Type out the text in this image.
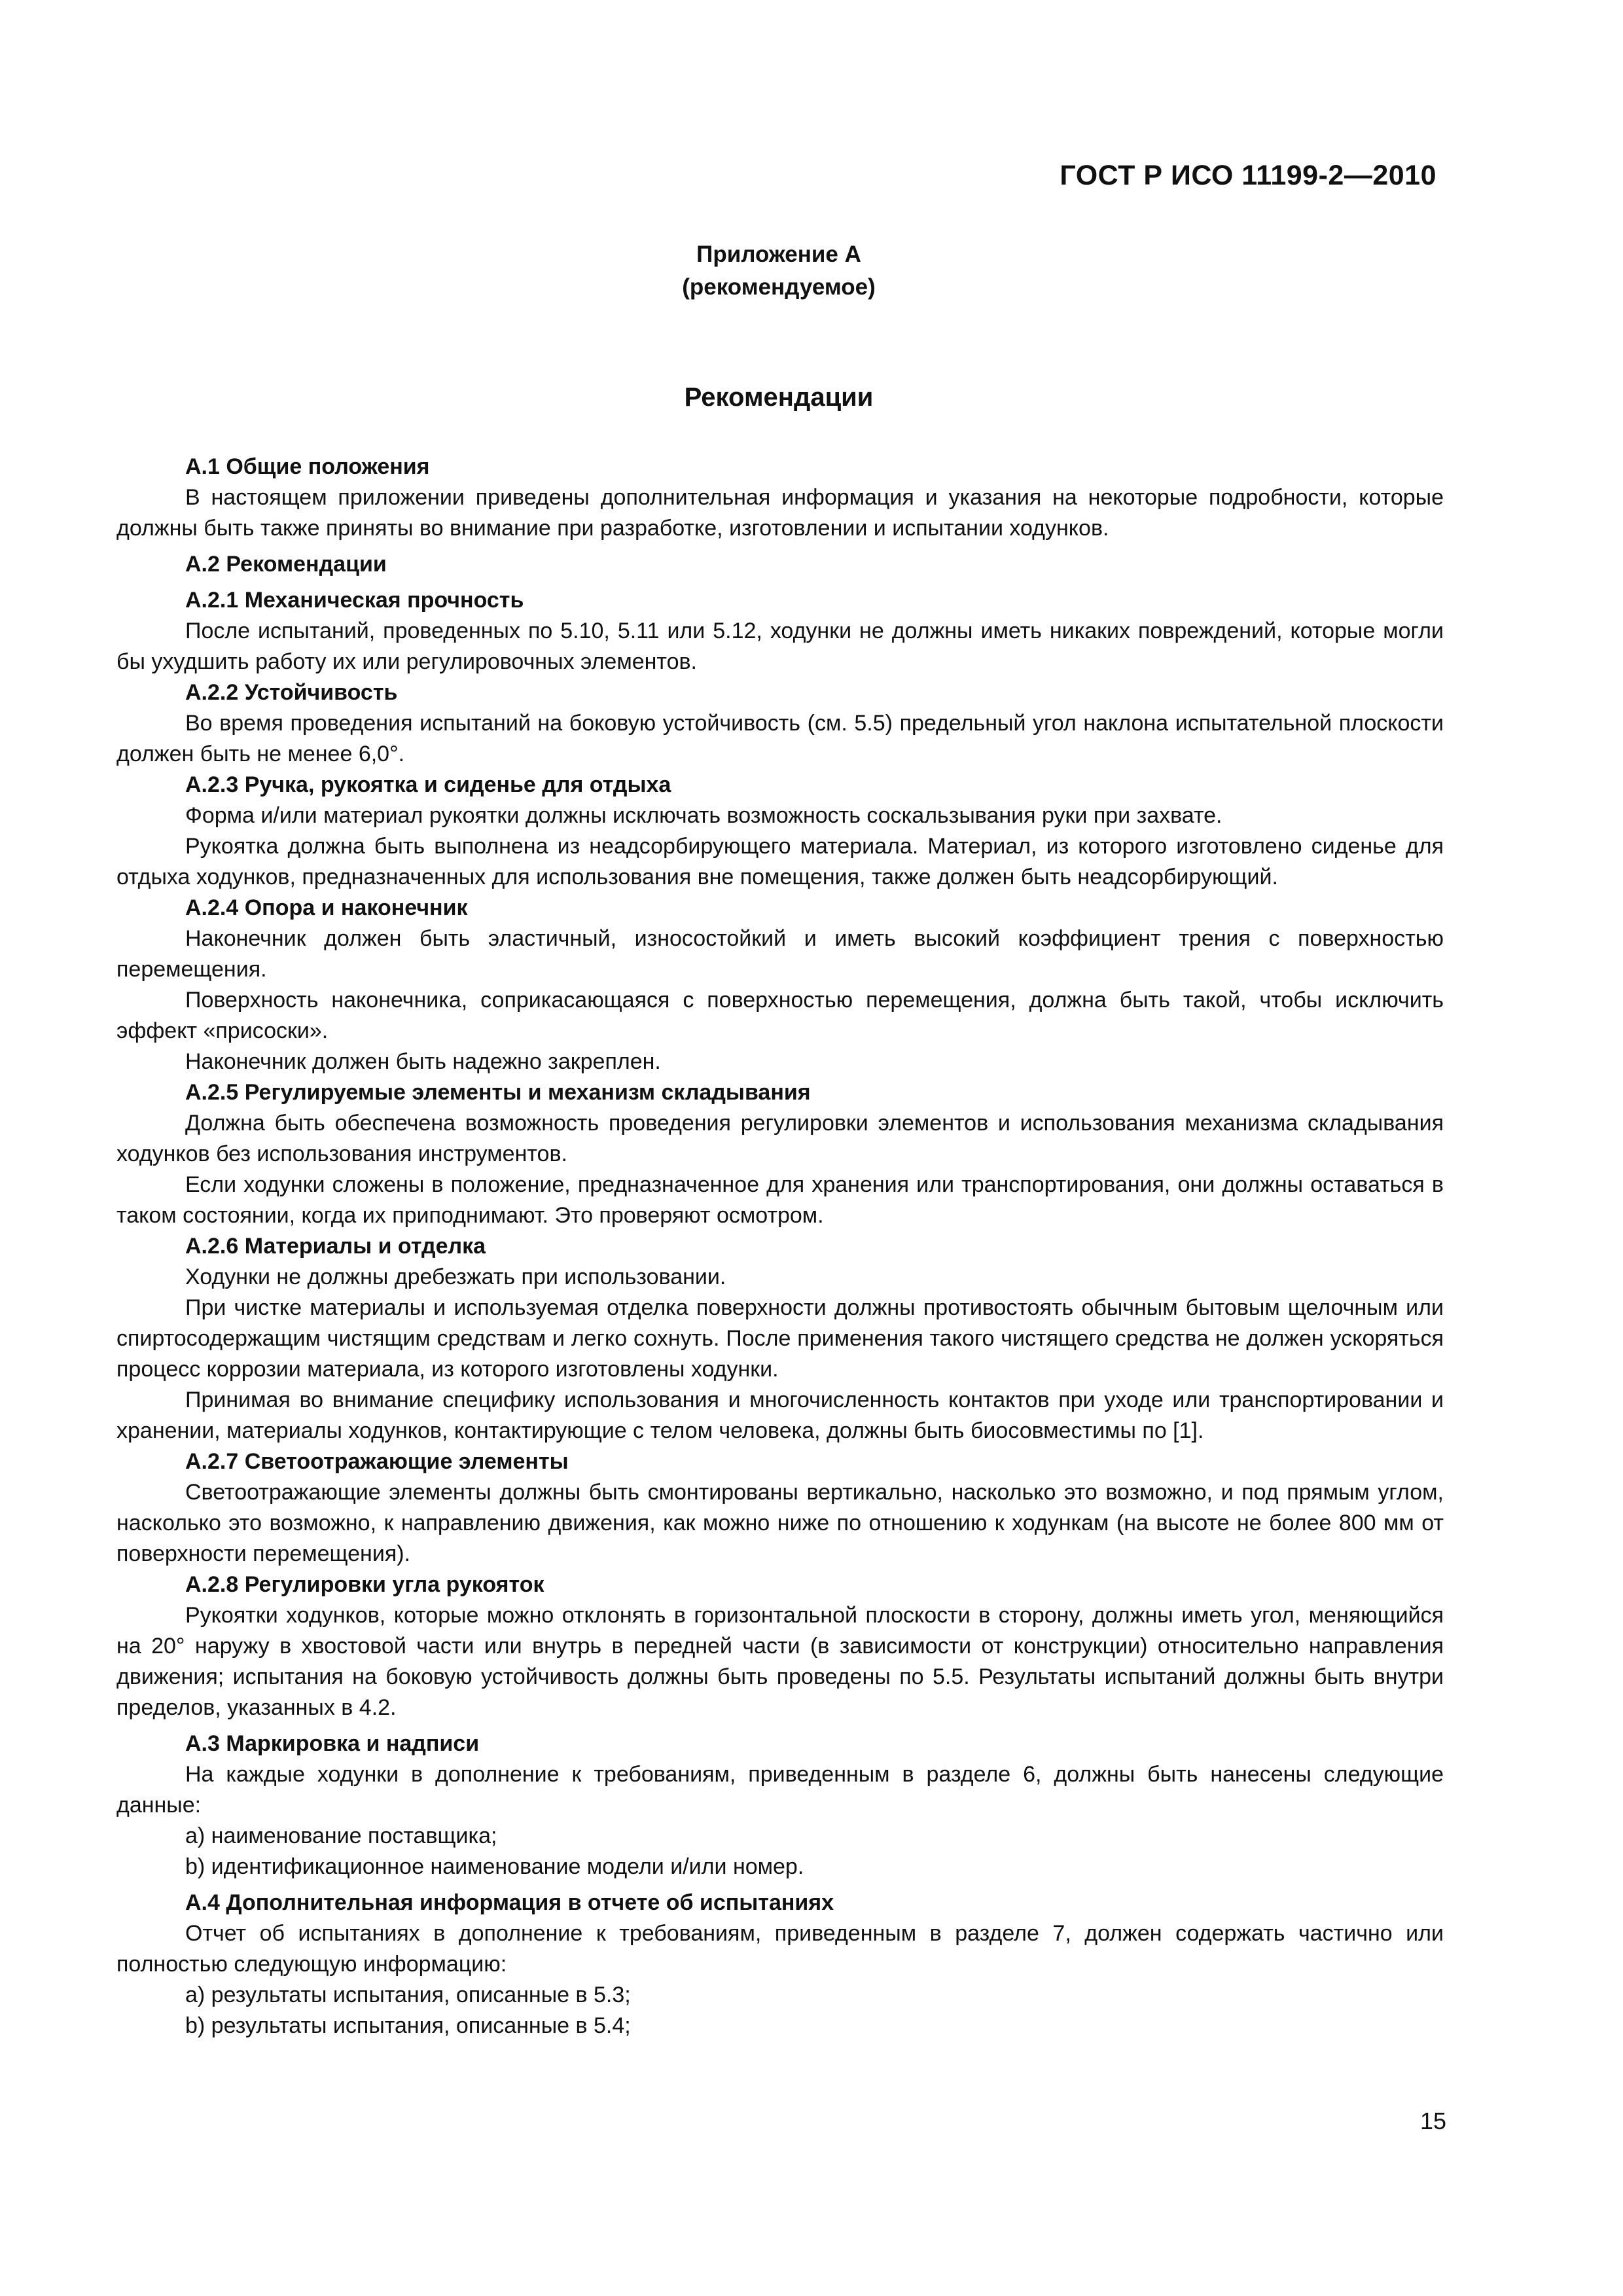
ГОСТ Р ИСО 11199-2—2010
Приложение А
(рекомендуемое)
Рекомендации

А.1 Общие положения

В настоящем приложении приведены дополнительная информация и указания на некоторые подробности, которые должны быть также приняты во внимание при разработке, изготовлении и испытании ходунков.

А.2 Рекомендации

А.2.1 Механическая прочность

После испытаний, проведенных по 5.10, 5.11 или 5.12, ходунки не должны иметь никаких повреждений, которые могли бы ухудшить работу их или регулировочных элементов.

А.2.2 Устойчивость

Во время проведения испытаний на боковую устойчивость (см. 5.5) предельный угол наклона испытательной плоскости должен быть не менее 6,0°.

А.2.3 Ручка, рукоятка и сиденье для отдыха

Форма и/или материал рукоятки должны исключать возможность соскальзывания руки при захвате.

Рукоятка должна быть выполнена из неадсорбирующего материала. Материал, из которого изготовлено сиденье для отдыха ходунков, предназначенных для использования вне помещения, также должен быть неадсорбирующий.

А.2.4 Опора и наконечник

Наконечник должен быть эластичный, износостойкий и иметь высокий коэффициент трения с поверхностью перемещения.

Поверхность наконечника, соприкасающаяся с поверхностью перемещения, должна быть такой, чтобы исключить эффект «присоски».

Наконечник должен быть надежно закреплен.

А.2.5 Регулируемые элементы и механизм складывания

Должна быть обеспечена возможность проведения регулировки элементов и использования механизма складывания ходунков без использования инструментов.

Если ходунки сложены в положение, предназначенное для хранения или транспортирования, они должны оставаться в таком состоянии, когда их приподнимают. Это проверяют осмотром.

А.2.6 Материалы и отделка

Ходунки не должны дребезжать при использовании.

При чистке материалы и используемая отделка поверхности должны противостоять обычным бытовым щелочным или спиртосодержащим чистящим средствам и легко сохнуть. После применения такого чистящего средства не должен ускоряться процесс коррозии материала, из которого изготовлены ходунки.

Принимая во внимание специфику использования и многочисленность контактов при уходе или транспортировании и хранении, материалы ходунков, контактирующие с телом человека, должны быть биосовместимы по [1].

А.2.7 Светоотражающие элементы

Светоотражающие элементы должны быть смонтированы вертикально, насколько это возможно, и под прямым углом, насколько это возможно, к направлению движения, как можно ниже по отношению к ходункам (на высоте не более 800 мм от поверхности перемещения).

А.2.8 Регулировки угла рукояток

Рукоятки ходунков, которые можно отклонять в горизонтальной плоскости в сторону, должны иметь угол, меняющийся на 20° наружу в хвостовой части или внутрь в передней части (в зависимости от конструкции) относительно направления движения; испытания на боковую устойчивость должны быть проведены по 5.5. Результаты испытаний должны быть внутри пределов, указанных в 4.2.

А.3 Маркировка и надписи

На каждые ходунки в дополнение к требованиям, приведенным в разделе 6, должны быть нанесены следующие данные:

а) наименование поставщика;

b) идентификационное наименование модели и/или номер.

А.4 Дополнительная информация в отчете об испытаниях

Отчет об испытаниях в дополнение к требованиям, приведенным в разделе 7, должен содержать частично или полностью следующую информацию:

а) результаты испытания, описанные в 5.3;

b) результаты испытания, описанные в 5.4;

15
